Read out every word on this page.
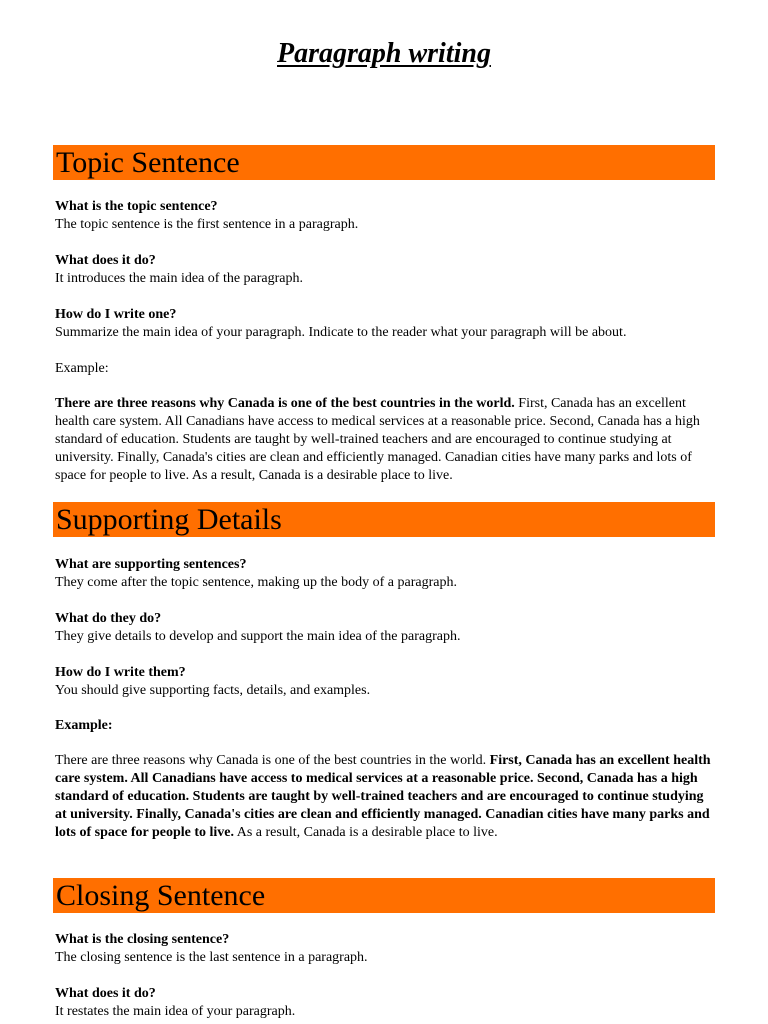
Paragraph writing
Topic Sentence
What is the topic sentence?
The topic sentence is the first sentence in a paragraph.
What does it do?
It introduces the main idea of the paragraph.
How do I write one?
Summarize the main idea of your paragraph. Indicate to the reader what your paragraph will be about.
Example:
There are three reasons why Canada is one of the best countries in the world. First, Canada has an excellent health care system. All Canadians have access to medical services at a reasonable price. Second, Canada has a high standard of education. Students are taught by well-trained teachers and are encouraged to continue studying at university. Finally, Canada's cities are clean and efficiently managed. Canadian cities have many parks and lots of space for people to live. As a result, Canada is a desirable place to live.
Supporting Details
What are supporting sentences?
They come after the topic sentence, making up the body of a paragraph.
What do they do?
They give details to develop and support the main idea of the paragraph.
How do I write them?
You should give supporting facts, details, and examples.
Example:
There are three reasons why Canada is one of the best countries in the world. First, Canada has an excellent health care system. All Canadians have access to medical services at a reasonable price. Second, Canada has a high standard of education. Students are taught by well-trained teachers and are encouraged to continue studying at university. Finally, Canada's cities are clean and efficiently managed. Canadian cities have many parks and lots of space for people to live. As a result, Canada is a desirable place to live.
Closing Sentence
What is the closing sentence?
The closing sentence is the last sentence in a paragraph.
What does it do?
It restates the main idea of your paragraph.
